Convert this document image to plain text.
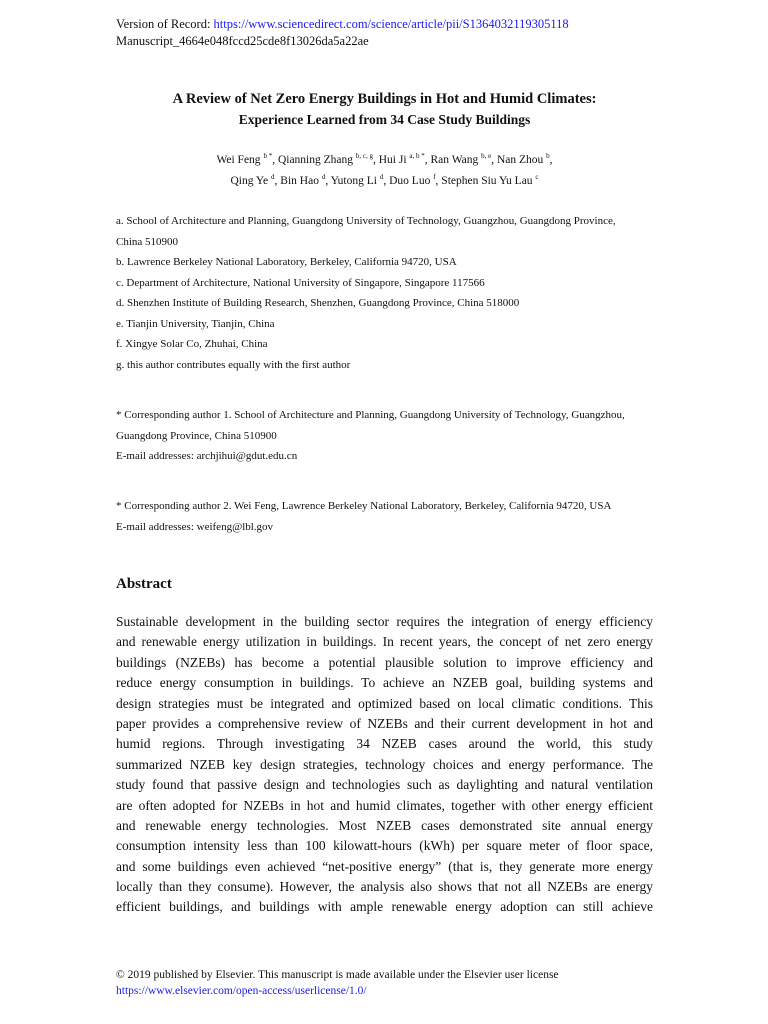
Version of Record: https://www.sciencedirect.com/science/article/pii/S1364032119305118
Manuscript_4664e048fccd25cde8f13026da5a22ae
A Review of Net Zero Energy Buildings in Hot and Humid Climates:
Experience Learned from 34 Case Study Buildings
Wei Feng $^{b *}$, Qianning Zhang $^{b, c, g}$, Hui Ji $^{a, b *}$, Ran Wang $^{b, e}$, Nan Zhou $^b$,
Qing Ye $^d$, Bin Hao $^d$, Yutong Li $^d$, Duo Luo $^f$, Stephen Siu Yu Lau $^c$
a. School of Architecture and Planning, Guangdong University of Technology, Guangzhou, Guangdong Province,
China 510900
b. Lawrence Berkeley National Laboratory, Berkeley, California 94720, USA
c. Department of Architecture, National University of Singapore, Singapore 117566
d. Shenzhen Institute of Building Research, Shenzhen, Guangdong Province, China 518000
e. Tianjin University, Tianjin, China
f. Xingye Solar Co, Zhuhai, China
g. this author contributes equally with the first author
* Corresponding author 1. School of Architecture and Planning, Guangdong University of Technology, Guangzhou,
Guangdong Province, China 510900
E-mail addresses: archjihui@gdut.edu.cn
* Corresponding author 2. Wei Feng, Lawrence Berkeley National Laboratory, Berkeley, California 94720, USA
E-mail addresses: weifeng@lbl.gov
Abstract
Sustainable development in the building sector requires the integration of energy efficiency
and renewable energy utilization in buildings. In recent years, the concept of net zero energy
buildings (NZEBs) has become a potential plausible solution to improve efficiency and
reduce energy consumption in buildings. To achieve an NZEB goal, building systems and
design strategies must be integrated and optimized based on local climatic conditions. This
paper provides a comprehensive review of NZEBs and their current development in hot and
humid regions. Through investigating 34 NZEB cases around the world, this study
summarized NZEB key design strategies, technology choices and energy performance. The
study found that passive design and technologies such as daylighting and natural ventilation
are often adopted for NZEBs in hot and humid climates, together with other energy efficient
and renewable energy technologies. Most NZEB cases demonstrated site annual energy
consumption intensity less than 100 kilowatt-hours (kWh) per square meter of floor space,
and some buildings even achieved “net-positive energy” (that is, they generate more energy
locally than they consume). However, the analysis also shows that not all NZEBs are energy
efficient buildings, and buildings with ample renewable energy adoption can still achieve
© 2019 published by Elsevier. This manuscript is made available under the Elsevier user license
https://www.elsevier.com/open-access/userlicense/1.0/
